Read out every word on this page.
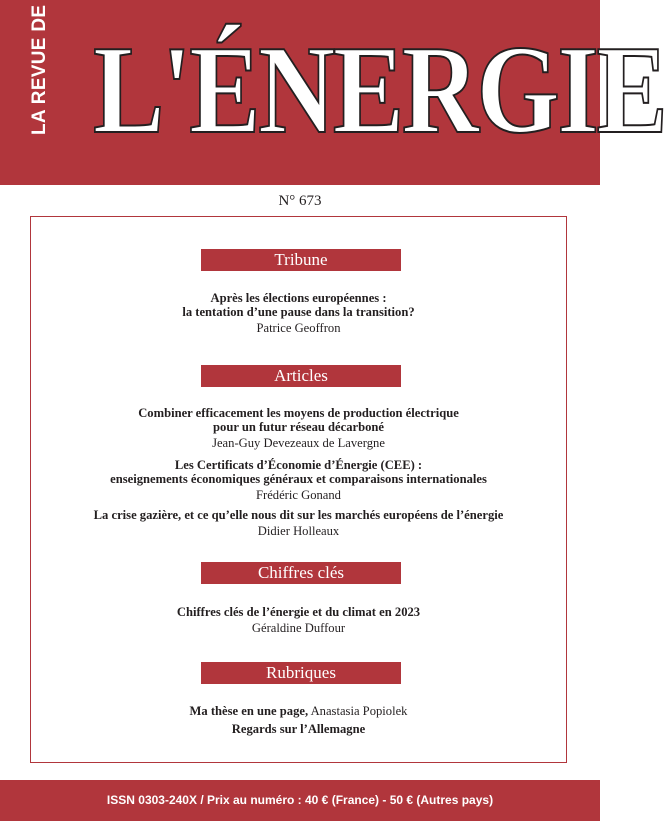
LA REVUE DE L'ÉNERGIE
N° 673
Tribune
Après les élections européennes :
la tentation d’une pause dans la transition?
Patrice Geoffron
Articles
Combiner efficacement les moyens de production électrique
pour un futur réseau décarboné
Jean-Guy Devezeaux de Lavergne
Les Certificats d’Économie d’Énergie (CEE) :
enseignements économiques généraux et comparaisons internationales
Frédéric Gonand
La crise gazière, et ce qu’elle nous dit sur les marchés européens de l’énergie
Didier Holleaux
Chiffres clés
Chiffres clés de l’énergie et du climat en 2023
Géraldine Duffour
Rubriques
Ma thèse en une page, Anastasia Popiolek
Regards sur l’Allemagne
ISSN 0303-240X / Prix au numéro : 40 € (France) - 50 € (Autres pays)
